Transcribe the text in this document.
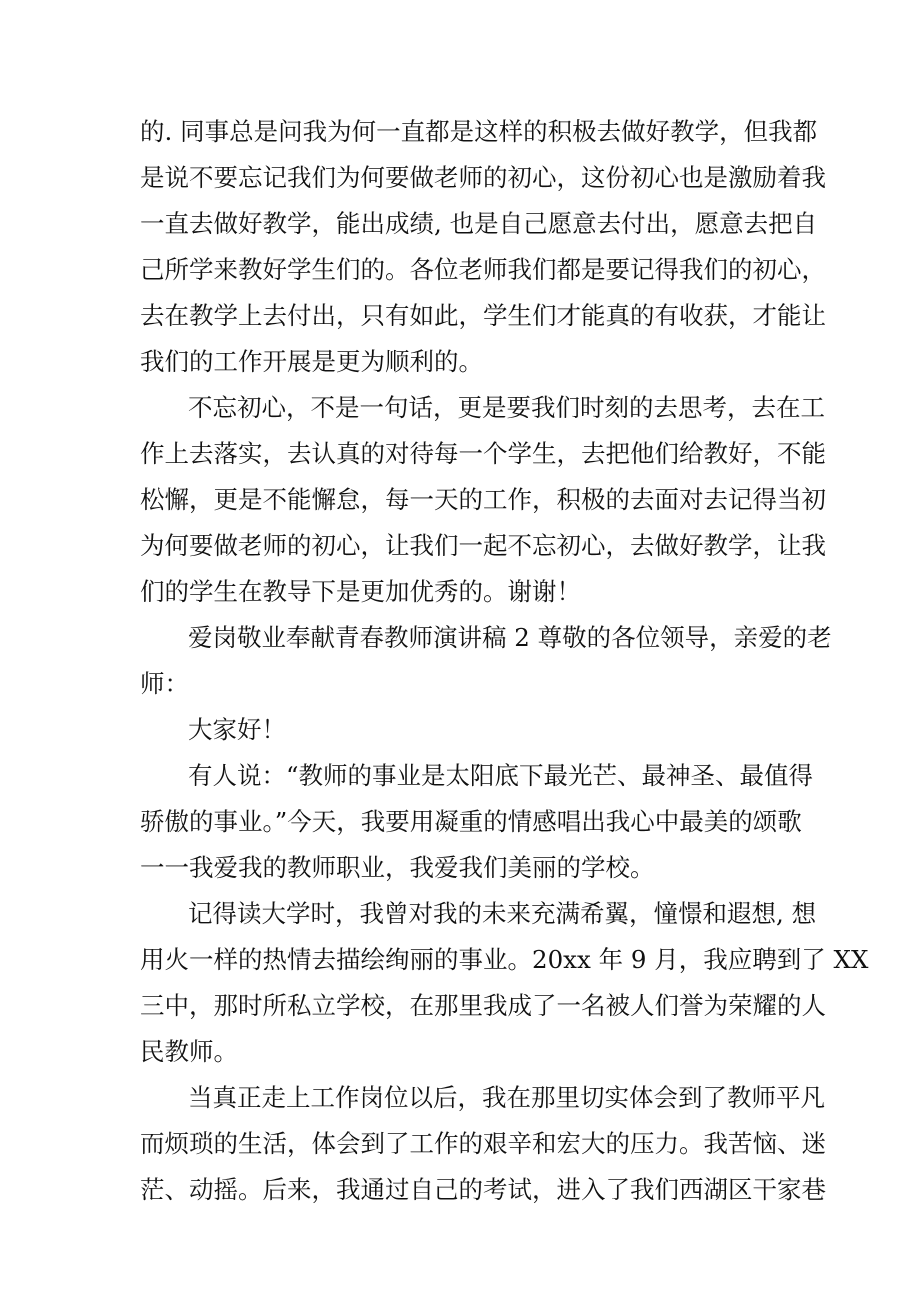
的. 同事总是问我为何一直都是这样的积极去做好教学，但我都
是说不要忘记我们为何要做老师的初心，这份初心也是激励着我
一直去做好教学，能出成绩, 也是自己愿意去付出，愿意去把自
己所学来教好学生们的。各位老师我们都是要记得我们的初心，
去在教学上去付出，只有如此，学生们才能真的有收获，才能让
我们的工作开展是更为顺利的。
不忘初心，不是一句话，更是要我们时刻的去思考，去在工
作上去落实，去认真的对待每一个学生，去把他们给教好，不能
松懈，更是不能懈怠，每一天的工作，积极的去面对去记得当初
为何要做老师的初心，让我们一起不忘初心，去做好教学，让我
们的学生在教导下是更加优秀的。谢谢！
爱岗敬业奉献青春教师演讲稿 2 尊敬的各位领导，亲爱的老
师：
大家好！
有人说：“教师的事业是太阳底下最光芒、最神圣、最值得
骄傲的事业。”今天，我要用凝重的情感唱出我心中最美的颂歌
一一我爱我的教师职业，我爱我们美丽的学校。
记得读大学时，我曾对我的未来充满希翼，憧憬和遐想, 想
用火一样的热情去描绘绚丽的事业。20xx 年 9 月，我应聘到了 XX
三中，那时所私立学校，在那里我成了一名被人们誉为荣耀的人
民教师。
当真正走上工作岗位以后，我在那里切实体会到了教师平凡
而烦琐的生活，体会到了工作的艰辛和宏大的压力。我苦恼、迷
茫、动摇。后来，我通过自己的考试，进入了我们西湖区干家巷
